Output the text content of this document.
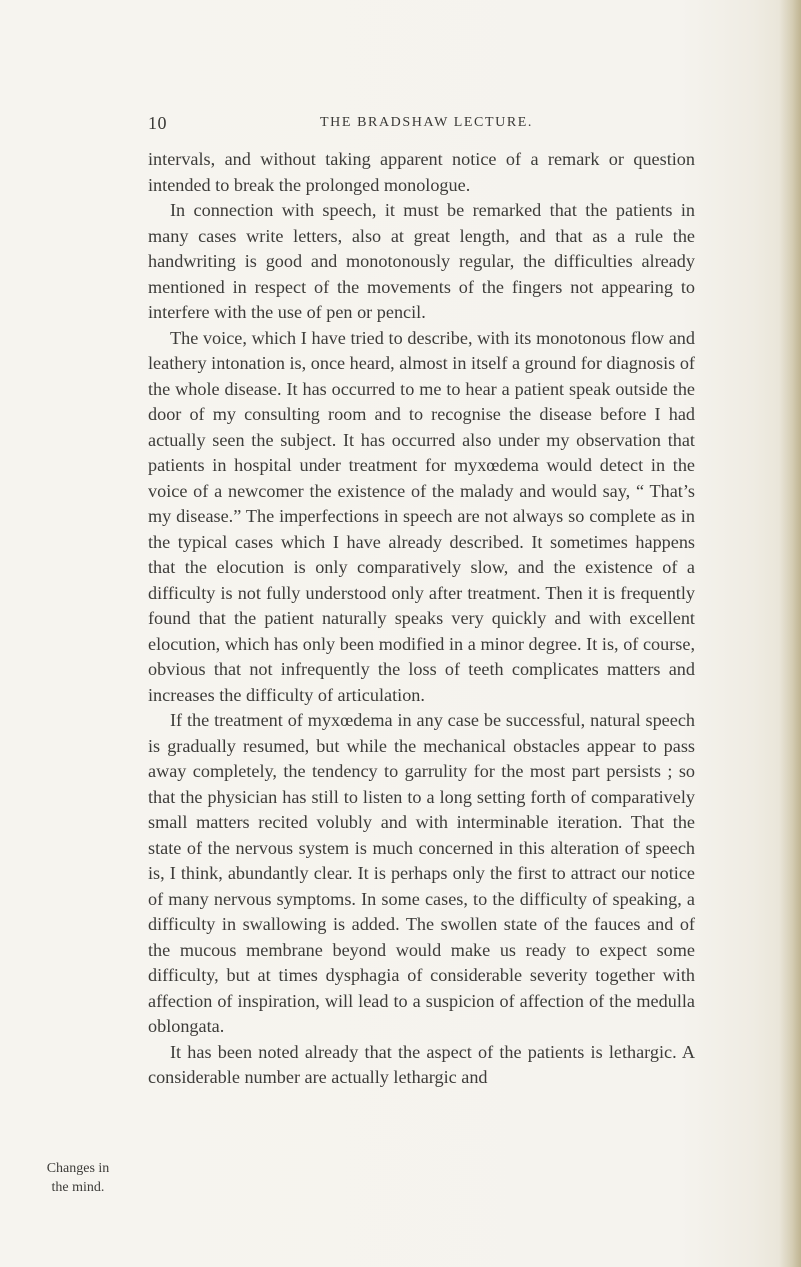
10	THE BRADSHAW LECTURE.

intervals, and without taking apparent notice of a remark or question intended to break the prolonged monologue.

In connection with speech, it must be remarked that the patients in many cases write letters, also at great length, and that as a rule the handwriting is good and monotonously regular, the difficulties already mentioned in respect of the movements of the fingers not appearing to interfere with the use of pen or pencil.

The voice, which I have tried to describe, with its monotonous flow and leathery intonation is, once heard, almost in itself a ground for diagnosis of the whole disease. It has occurred to me to hear a patient speak outside the door of my consulting room and to recognise the disease before I had actually seen the subject. It has occurred also under my observation that patients in hospital under treatment for myxœdema would detect in the voice of a newcomer the existence of the malady and would say, “ That’s my disease.” The imperfections in speech are not always so complete as in the typical cases which I have already described. It sometimes happens that the elocution is only comparatively slow, and the existence of a difficulty is not fully understood only after treatment. Then it is frequently found that the patient naturally speaks very quickly and with excellent elocution, which has only been modified in a minor degree. It is, of course, obvious that not infrequently the loss of teeth complicates matters and increases the difficulty of articulation.

If the treatment of myxœdema in any case be successful, natural speech is gradually resumed, but while the mechanical obstacles appear to pass away completely, the tendency to garrulity for the most part persists ; so that the physician has still to listen to a long setting forth of comparatively small matters recited volubly and with interminable iteration. That the state of the nervous system is much concerned in this alteration of speech is, I think, abundantly clear. It is perhaps only the first to attract our notice of many nervous symptoms. In some cases, to the difficulty of speaking, a difficulty in swallowing is added. The swollen state of the fauces and of the mucous membrane beyond would make us ready to expect some difficulty, but at times dysphagia of considerable severity together with affection of inspiration, will lead to a suspicion of affection of the medulla oblongata.

It has been noted already that the aspect of the patients is lethargic. A considerable number are actually lethargic and

Changes in
the mind.
